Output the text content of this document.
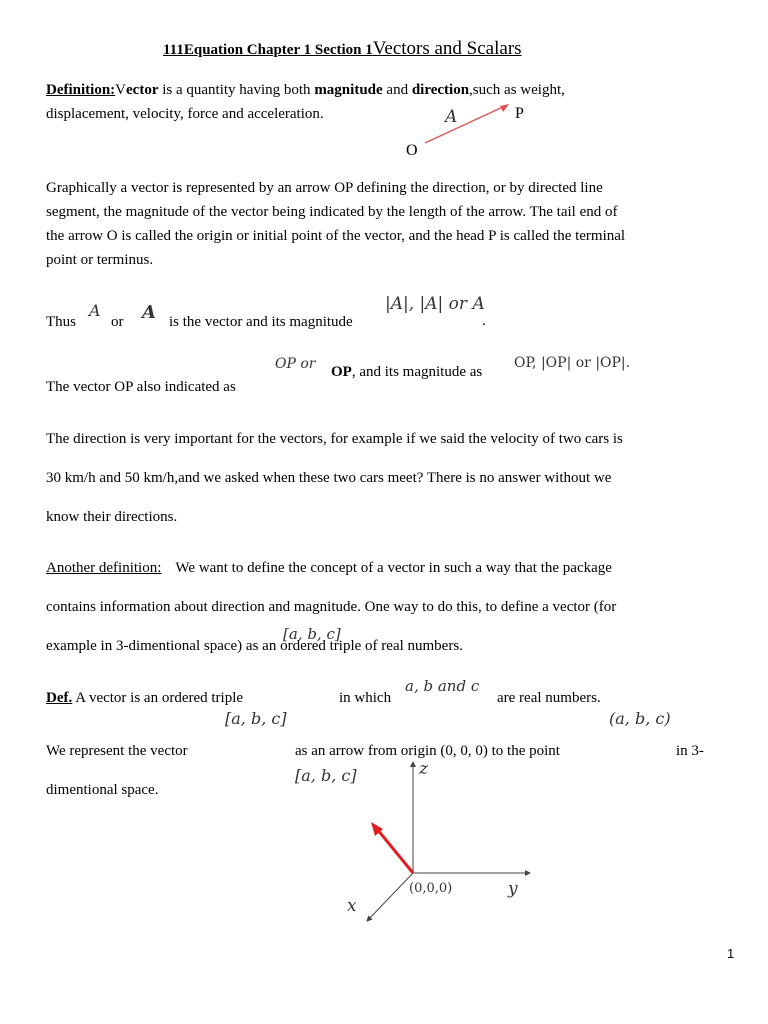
111Equation Chapter 1 Section 1Vectors and Scalars
Definition:Vector is a quantity having both magnitude and direction,such as weight,
displacement, velocity, force and acceleration.	A	P
O
Graphically a vector is represented by an arrow OP defining the direction, or by directed line
segment, the magnitude of the vector being indicated by the length of the arrow. The tail end of
the arrow O is called the origin or initial point of the vector, and the head P is called the terminal
point or terminus.
Thus
A
or A is the vector and its magnitude
|A|, |A| or A
.
OP or
The vector OP also indicated as
OP, and its magnitude as
OP, |OP| or |OP|.
The direction is very important for the vectors, for example if we said the velocity of two cars is
30 km/h and 50 km/h,and we asked when these two cars meet? There is no answer without we
know their directions.
Another definition: We want to define the concept of a vector in such a way that the package
contains information about direction and magnitude. One way to do this, to define a vector (for
[a, b, c]
example in 3-dimentional space) as an ordered triple of real numbers.
Def. A vector is an ordered triple	in which
a, b and c
are real numbers.
[a, b, c]	(a, b, c)
We represent the vector	as an arrow from origin (0, 0, 0) to the point	in 3-
[a, b, c]
dimentional space.
z
y
x
(0,0,0)
1
